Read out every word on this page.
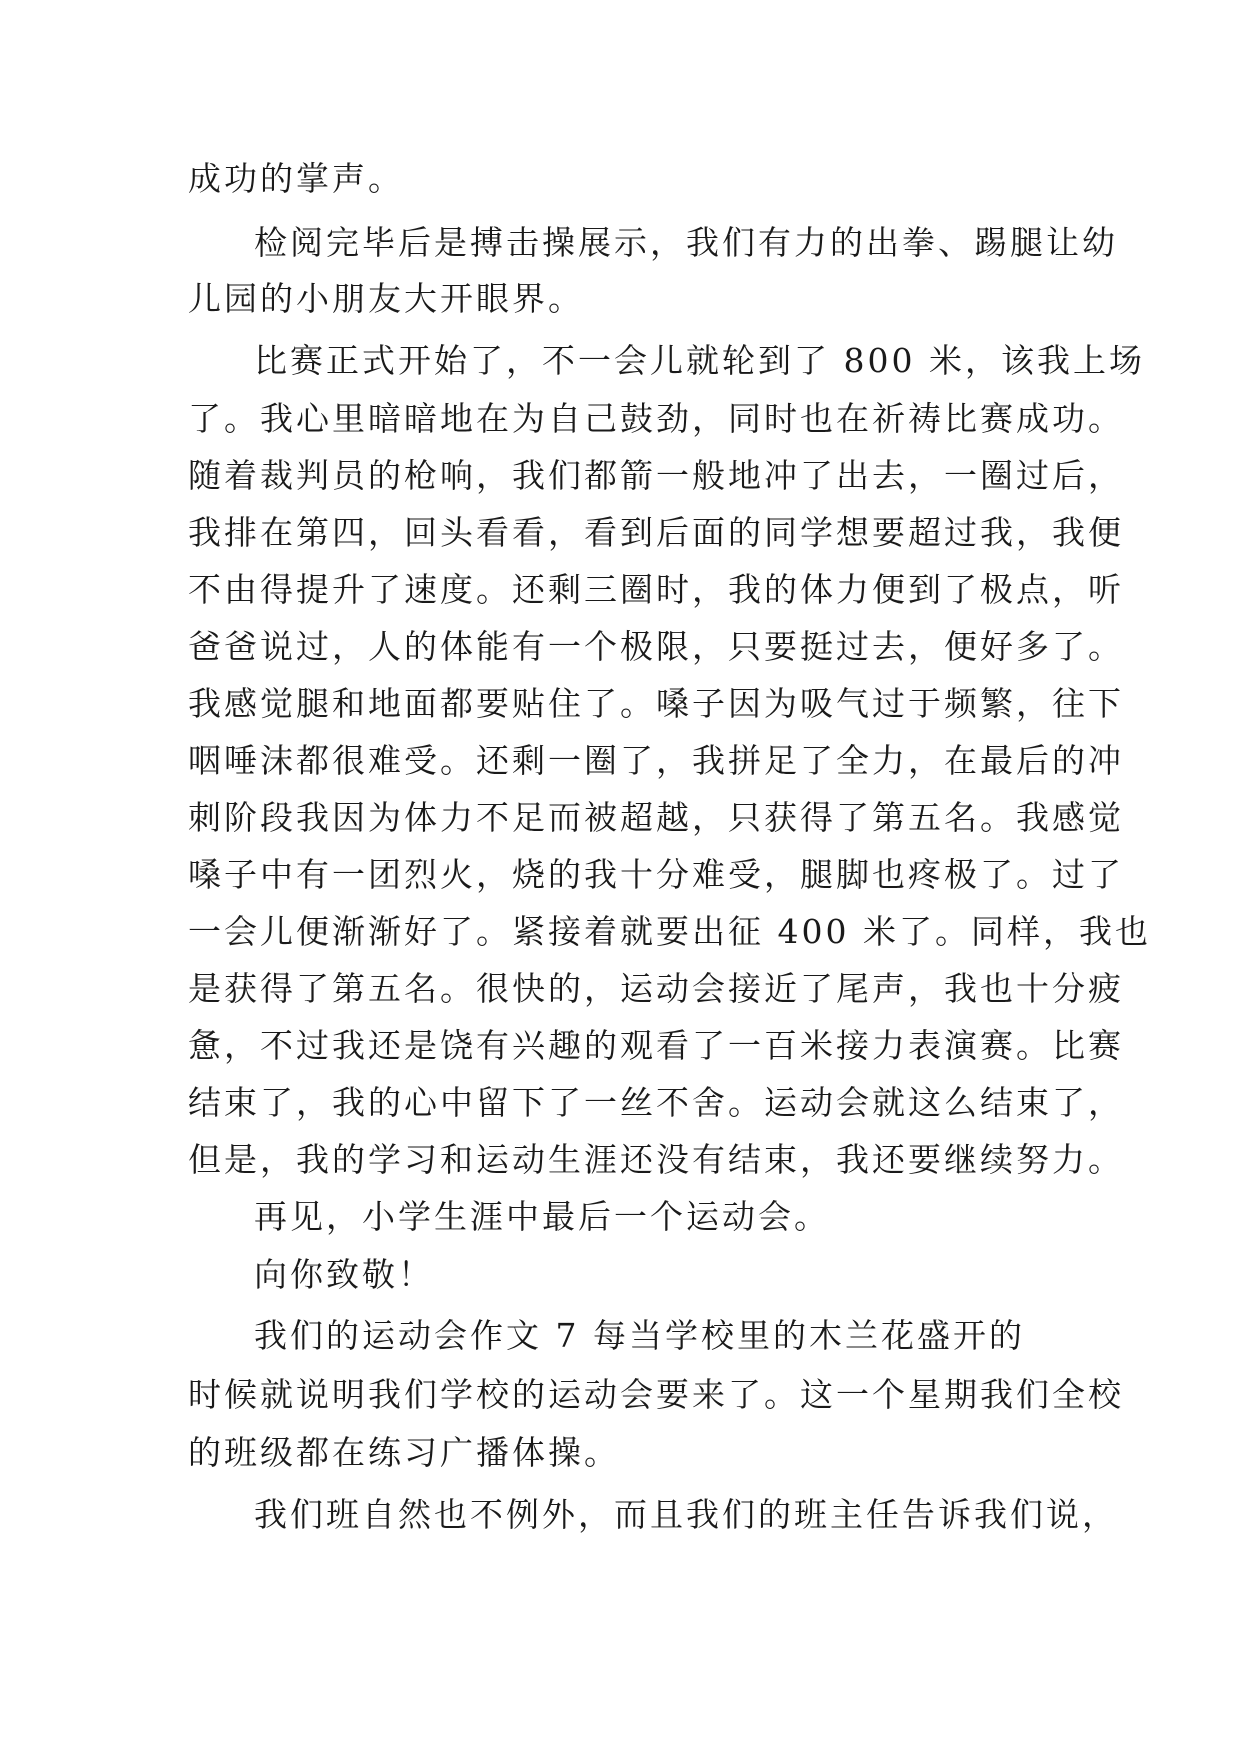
成功的掌声。
检阅完毕后是搏击操展示，我们有力的出拳、踢腿让幼
儿园的小朋友大开眼界。
比赛正式开始了，不一会儿就轮到了 800 米，该我上场
了。我心里暗暗地在为自己鼓劲，同时也在祈祷比赛成功。
随着裁判员的枪响，我们都箭一般地冲了出去，一圈过后，
我排在第四，回头看看，看到后面的同学想要超过我，我便
不由得提升了速度。还剩三圈时，我的体力便到了极点，听
爸爸说过，人的体能有一个极限，只要挺过去，便好多了。
我感觉腿和地面都要贴住了。嗓子因为吸气过于频繁，往下
咽唾沫都很难受。还剩一圈了，我拼足了全力，在最后的冲
刺阶段我因为体力不足而被超越，只获得了第五名。我感觉
嗓子中有一团烈火，烧的我十分难受，腿脚也疼极了。过了
一会儿便渐渐好了。紧接着就要出征 400 米了。同样，我也
是获得了第五名。很快的，运动会接近了尾声，我也十分疲
惫，不过我还是饶有兴趣的观看了一百米接力表演赛。比赛
结束了，我的心中留下了一丝不舍。运动会就这么结束了，
但是，我的学习和运动生涯还没有结束，我还要继续努力。
再见，小学生涯中最后一个运动会。
向你致敬！
我们的运动会作文 7 每当学校里的木兰花盛开的
时候就说明我们学校的运动会要来了。这一个星期我们全校
的班级都在练习广播体操。
我们班自然也不例外，而且我们的班主任告诉我们说，
